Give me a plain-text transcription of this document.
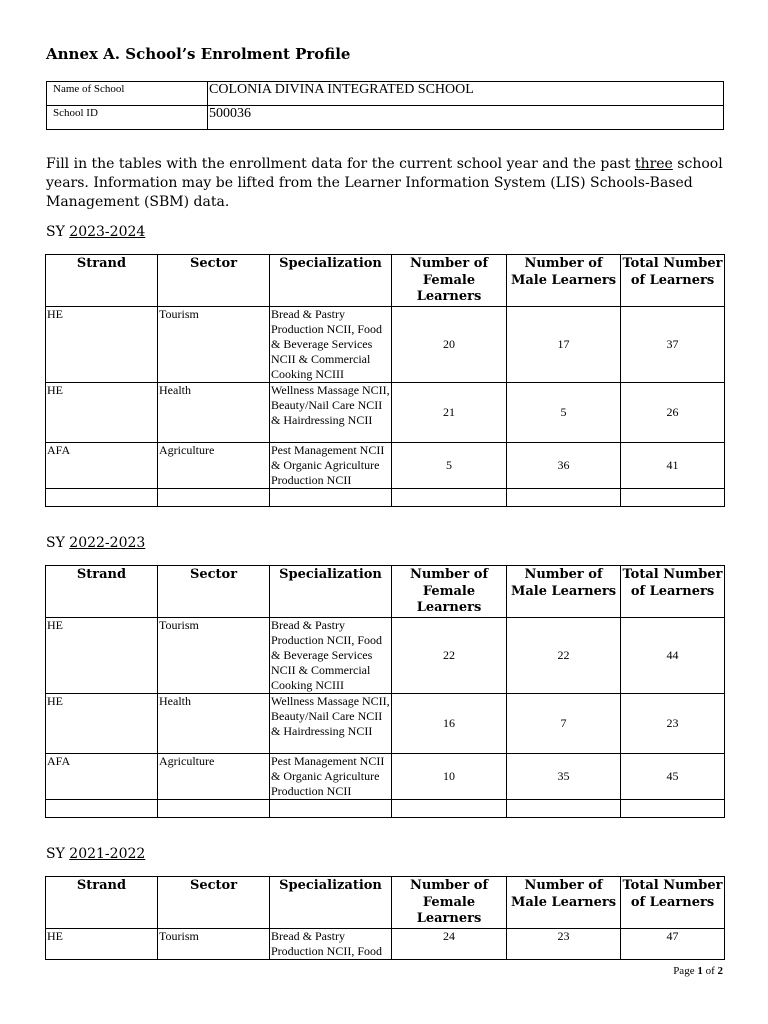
Annex A. School’s Enrolment Profile
Name of School	COLONIA DIVINA INTEGRATED SCHOOL
School ID	500036
Fill in the tables with the enrollment data for the current school year and the past three school years. Information may be lifted from the Learner Information System (LIS) Schools-Based Management (SBM) data.
SY 2023-2024
Strand	Sector	Specialization	Number of Female Learners	Number of Male Learners	Total Number of Learners
HE	Tourism	Bread & Pastry Production NCII, Food & Beverage Services NCII & Commercial Cooking NCIII	20	17	37
HE	Health	Wellness Massage NCII, Beauty/Nail Care NCII & Hairdressing NCII	21	5	26
AFA	Agriculture	Pest Management NCII & Organic Agriculture Production NCII	5	36	41

SY 2022-2023
Strand	Sector	Specialization	Number of Female Learners	Number of Male Learners	Total Number of Learners
HE	Tourism	Bread & Pastry Production NCII, Food & Beverage Services NCII & Commercial Cooking NCIII	22	22	44
HE	Health	Wellness Massage NCII, Beauty/Nail Care NCII & Hairdressing NCII	16	7	23
AFA	Agriculture	Pest Management NCII & Organic Agriculture Production NCII	10	35	45

SY 2021-2022
Strand	Sector	Specialization	Number of Female Learners	Number of Male Learners	Total Number of Learners
HE	Tourism	Bread & Pastry Production NCII, Food	24	23	47
Page 1 of 2
